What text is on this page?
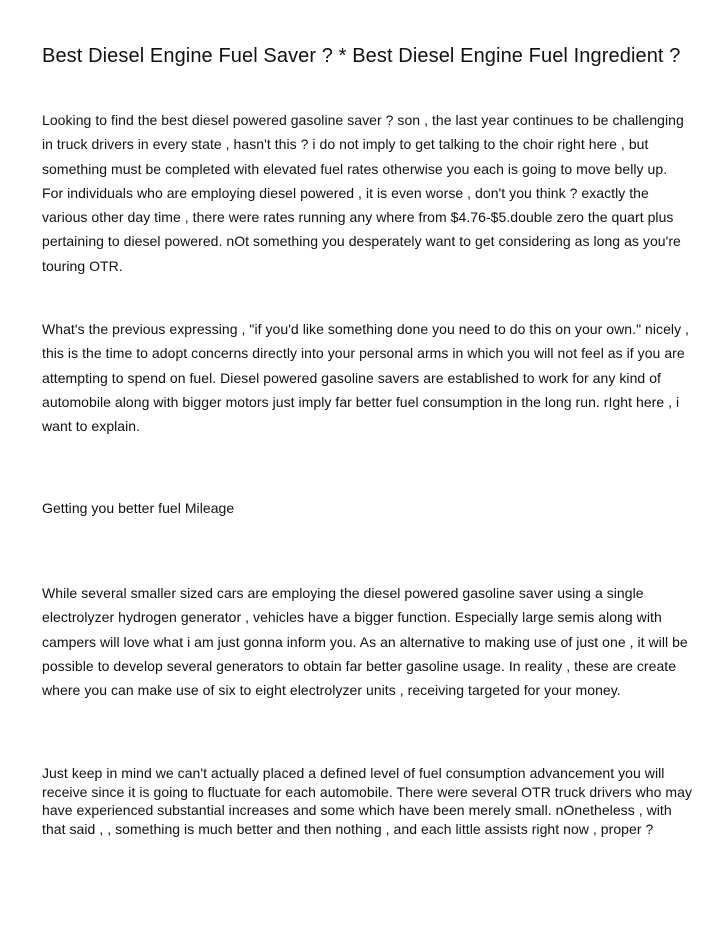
Best Diesel Engine Fuel Saver ? * Best Diesel Engine Fuel Ingredient ?

Looking to find the best diesel powered gasoline saver ? son , the last year continues to be challenging in truck drivers in every state , hasn't this ? i do not imply to get talking to the choir right here , but something must be completed with elevated fuel rates otherwise you each is going to move belly up. For individuals who are employing diesel powered , it is even worse , don't you think ? exactly the various other day time , there were rates running any where from $4.76-$5.double zero the quart plus pertaining to diesel powered. nOt something you desperately want to get considering as long as you're touring OTR.

What's the previous expressing , "if you'd like something done you need to do this on your own." nicely , this is the time to adopt concerns directly into your personal arms in which you will not feel as if you are attempting to spend on fuel. Diesel powered gasoline savers are established to work for any kind of automobile along with bigger motors just imply far better fuel consumption in the long run. rIght here , i want to explain.

Getting you better fuel Mileage

While several smaller sized cars are employing the diesel powered gasoline saver using a single electrolyzer hydrogen generator , vehicles have a bigger function. Especially large semis along with campers will love what i am just gonna inform you. As an alternative to making use of just one , it will be possible to develop several generators to obtain far better gasoline usage. In reality , these are create where you can make use of six to eight electrolyzer units , receiving targeted for your money.

Just keep in mind we can't actually placed a defined level of fuel consumption advancement you will receive since it is going to fluctuate for each automobile. There were several OTR truck drivers who may have experienced substantial increases and some which have been merely small. nOnetheless , with that said , , something is much better and then nothing , and each little assists right now , proper ?
